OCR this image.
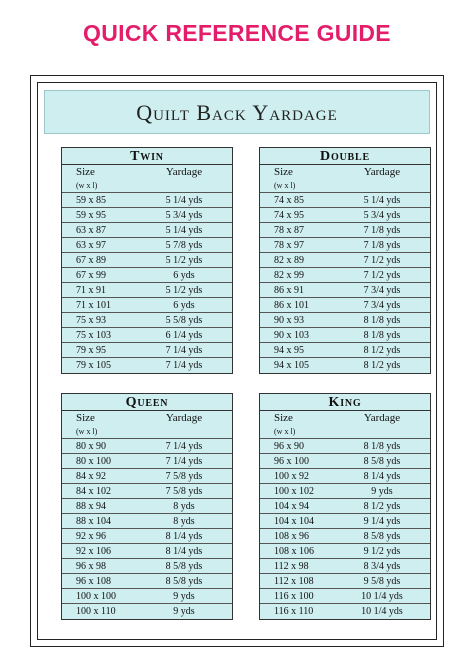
QUICK REFERENCE GUIDE
Quilt Back Yardage
Twin
Size	Yardage
(w x l)
59 x 85	5 1/4 yds
59 x 95	5 3/4 yds
63 x 87	5 1/4 yds
63 x 97	5 7/8 yds
67 x 89	5 1/2 yds
67 x 99	6 yds
71 x 91	5 1/2 yds
71 x 101	6 yds
75 x 93	5 5/8 yds
75 x 103	6 1/4 yds
79 x 95	7 1/4 yds
79 x 105	7 1/4 yds
Double
Size	Yardage
(w x l)
74 x 85	5 1/4 yds
74 x 95	5 3/4 yds
78 x 87	7 1/8 yds
78 x 97	7 1/8 yds
82 x 89	7 1/2 yds
82 x 99	7 1/2 yds
86 x 91	7 3/4 yds
86 x 101	7 3/4 yds
90 x 93	8 1/8 yds
90 x 103	8 1/8 yds
94 x 95	8 1/2 yds
94 x 105	8 1/2 yds
Queen
Size	Yardage
(w x l)
80 x 90	7 1/4 yds
80 x 100	7 1/4 yds
84 x 92	7 5/8 yds
84 x 102	7 5/8 yds
88 x 94	8 yds
88 x 104	8 yds
92 x 96	8 1/4 yds
92 x 106	8 1/4 yds
96 x 98	8 5/8 yds
96 x 108	8 5/8 yds
100 x 100	9 yds
100 x 110	9 yds
King
Size	Yardage
(w x l)
96 x 90	8 1/8 yds
96 x 100	8 5/8 yds
100 x 92	8 1/4 yds
100 x 102	9 yds
104 x 94	8 1/2 yds
104 x 104	9 1/4 yds
108 x 96	8 5/8 yds
108 x 106	9 1/2 yds
112 x 98	8 3/4 yds
112 x 108	9 5/8 yds
116 x 100	10 1/4 yds
116 x 110	10 1/4 yds
